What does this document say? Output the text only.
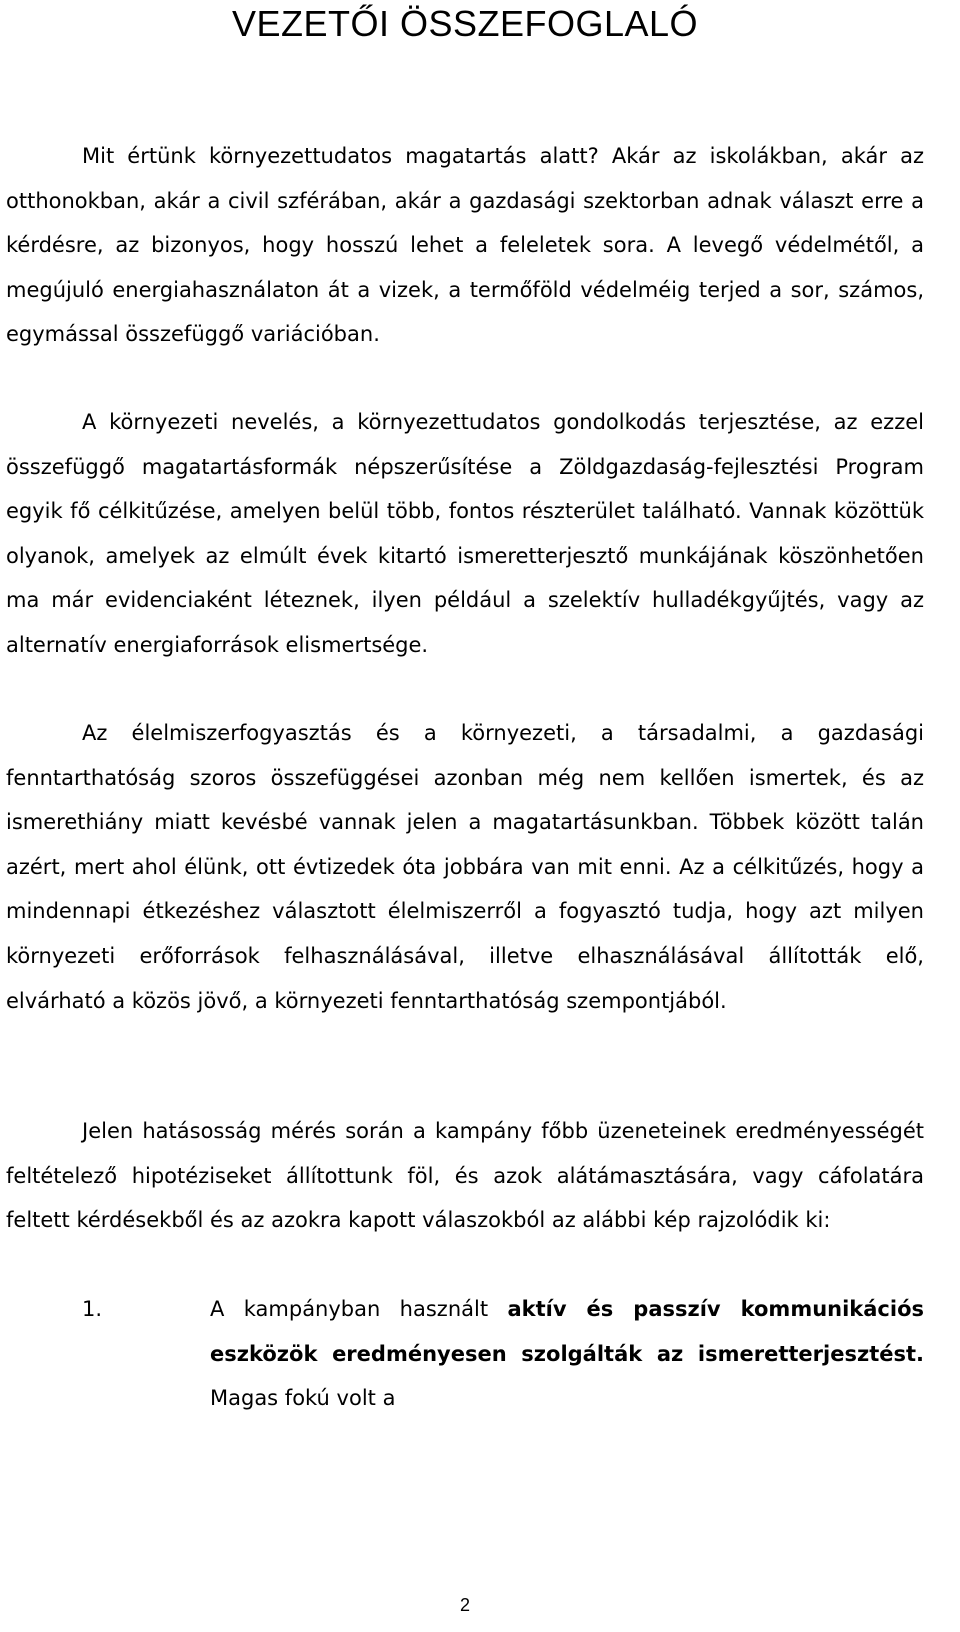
VEZETŐI ÖSSZEFOGLALÓ

Mit értünk környezettudatos magatartás alatt? Akár az iskolákban, akár az otthonokban, akár a civil szférában, akár a gazdasági szektorban adnak választ erre a kérdésre, az bizonyos, hogy hosszú lehet a feleletek sora. A levegő védelmétől, a megújuló energiahasználaton át a vizek, a termőföld védelméig terjed a sor, számos, egymással összefüggő variációban.

A környezeti nevelés, a környezettudatos gondolkodás terjesztése, az ezzel összefüggő magatartásformák népszerűsítése a Zöldgazdaság-fejlesztési Program egyik fő célkitűzése, amelyen belül több, fontos részterület található. Vannak közöttük olyanok, amelyek az elmúlt évek kitartó ismeretterjesztő munkájának köszönhetően ma már evidenciaként léteznek, ilyen például a szelektív hulladékgyűjtés, vagy az alternatív energiaforrások elismertsége.

Az élelmiszerfogyasztás és a környezeti, a társadalmi, a gazdasági fenntarthatóság szoros összefüggései azonban még nem kellően ismertek, és az ismerethiány miatt kevésbé vannak jelen a magatartásunkban. Többek között talán azért, mert ahol élünk, ott évtizedek óta jobbára van mit enni. Az a célkitűzés, hogy a mindennapi étkezéshez választott élelmiszerről a fogyasztó tudja, hogy azt milyen környezeti erőforrások felhasználásával, illetve elhasználásával állították elő, elvárható a közös jövő, a környezeti fenntarthatóság szempontjából.

Jelen hatásosság mérés során a kampány főbb üzeneteinek eredményességét feltételező hipotéziseket állítottunk föl, és azok alátámasztására, vagy cáfolatára feltett kérdésekből és az azokra kapott válaszokból az alábbi kép rajzolódik ki:

1.	A kampányban használt aktív és passzív kommunikációs eszközök eredményesen szolgálták az ismeretterjesztést. Magas fokú volt a
2
